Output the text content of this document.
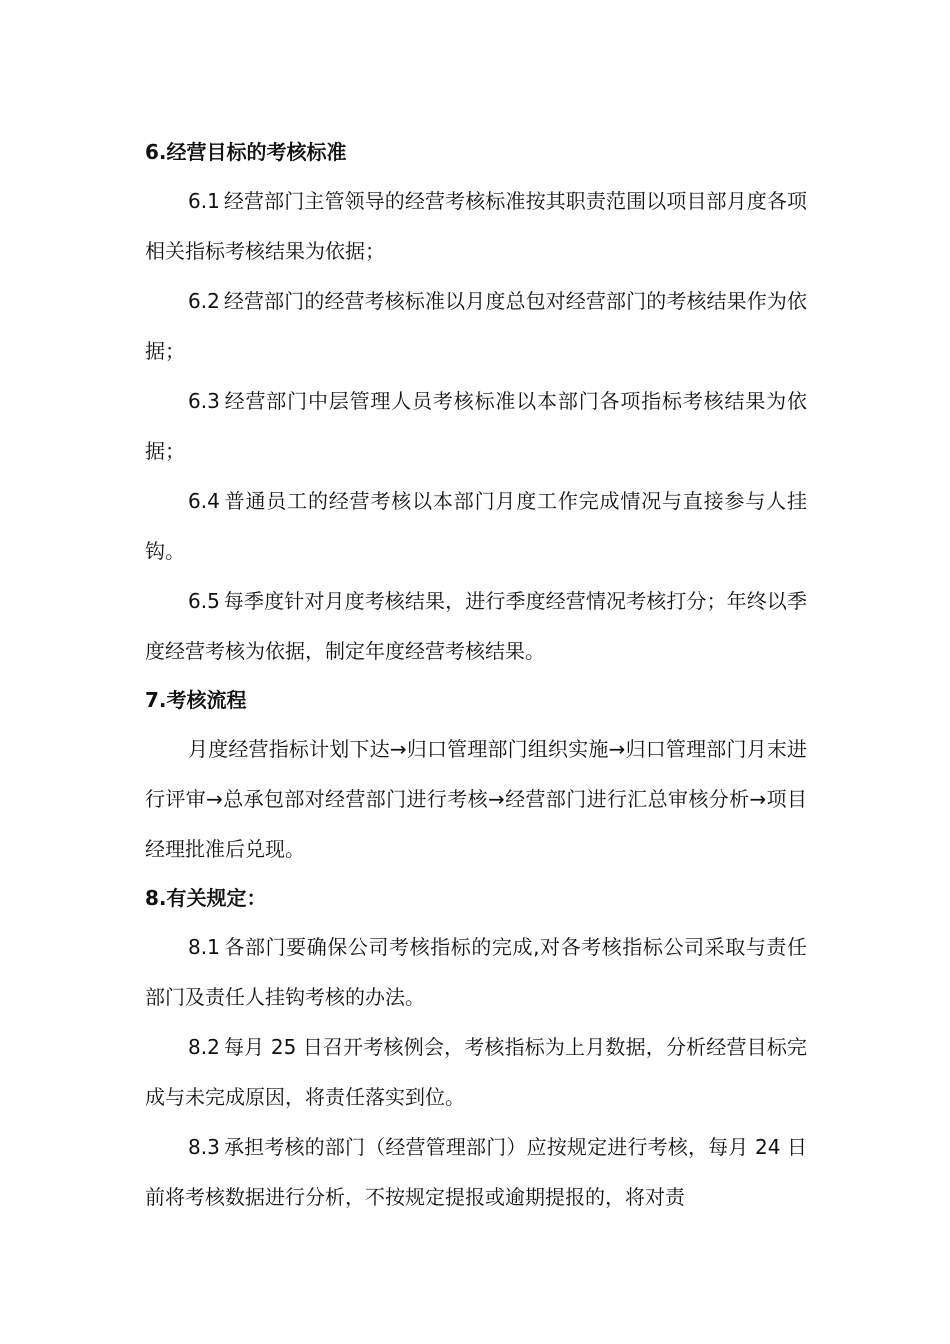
6.经营目标的考核标准

6.1 经营部门主管领导的经营考核标准按其职责范围以项目部月度各项相关指标考核结果为依据；

6.2 经营部门的经营考核标准以月度总包对经营部门的考核结果作为依据；

6.3 经营部门中层管理人员考核标准以本部门各项指标考核结果为依据；

6.4 普通员工的经营考核以本部门月度工作完成情况与直接参与人挂钩。

6.5 每季度针对月度考核结果，进行季度经营情况考核打分；年终以季度经营考核为依据，制定年度经营考核结果。

7.考核流程

月度经营指标计划下达→归口管理部门组织实施→归口管理部门月末进行评审→总承包部对经营部门进行考核→经营部门进行汇总审核分析→项目经理批准后兑现。

8.有关规定：

8.1 各部门要确保公司考核指标的完成,对各考核指标公司采取与责任部门及责任人挂钩考核的办法。

8.2 每月 25 日召开考核例会，考核指标为上月数据，分析经营目标完成与未完成原因，将责任落实到位。

8.3 承担考核的部门（经营管理部门）应按规定进行考核，每月 24 日前将考核数据进行分析，不按规定提报或逾期提报的，将对责
